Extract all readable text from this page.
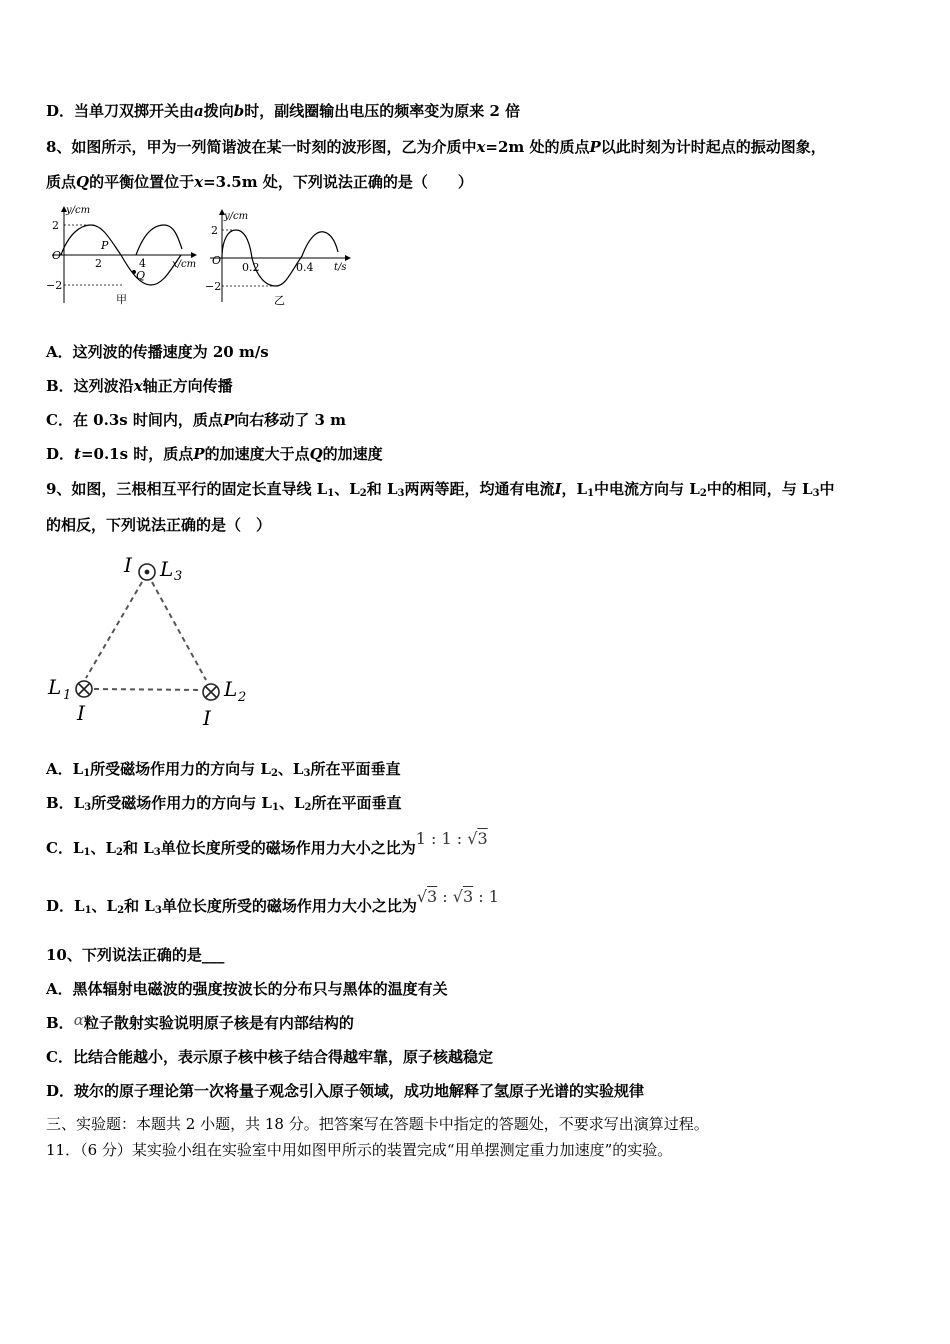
D．当单刀双掷开关由a拨向b时，副线圈输出电压的频率变为原来 2 倍
8、如图所示，甲为一列简谐波在某一时刻的波形图，乙为介质中x=2m 处的质点P以此时刻为计时起点的振动图象，
质点Q的平衡位置位于x=3.5m 处，下列说法正确的是（　　）
y/cm
x/cm
2
−2
O
2	4
P
Q
甲
y/cm
t/s
2
−2
O
0.2	0.4
乙
A．这列波的传播速度为 20 m/s
B．这列波沿x轴正方向传播
C．在 0.3s 时间内，质点P向右移动了 3 m
D．t=0.1s 时，质点P的加速度大于点Q的加速度
9、如图，三根相互平行的固定长直导线 $L_1$、$L_2$和 $L_3$两两等距，均通有电流I，$L_1$中电流方向与 $L_2$中的相同，与 $L_3$中
的相反，下列说法正确的是（　）
I L 3
L 1
I
L 2
I
A．$L_1$所受磁场作用力的方向与 $L_2$、$L_3$所在平面垂直
B．$L_3$所受磁场作用力的方向与 $L_1$、$L_2$所在平面垂直
C．$L_1$、$L_2$和 $L_3$单位长度所受的磁场作用力大小之比为1 : 1 : √3
D．$L_1$、$L_2$和 $L_3$单位长度所受的磁场作用力大小之比为√3 : √3 : 1
10、下列说法正确的是___
A．黑体辐射电磁波的强度按波长的分布只与黑体的温度有关
B．α粒子散射实验说明原子核是有内部结构的
C．比结合能越小，表示原子核中核子结合得越牢靠，原子核越稳定
D．玻尔的原子理论第一次将量子观念引入原子领域，成功地解释了氢原子光谱的实验规律
三、实验题：本题共 2 小题，共 18 分。把答案写在答题卡中指定的答题处，不要求写出演算过程。
11．（6 分）某实验小组在实验室中用如图甲所示的装置完成“用单摆测定重力加速度”的实验。
